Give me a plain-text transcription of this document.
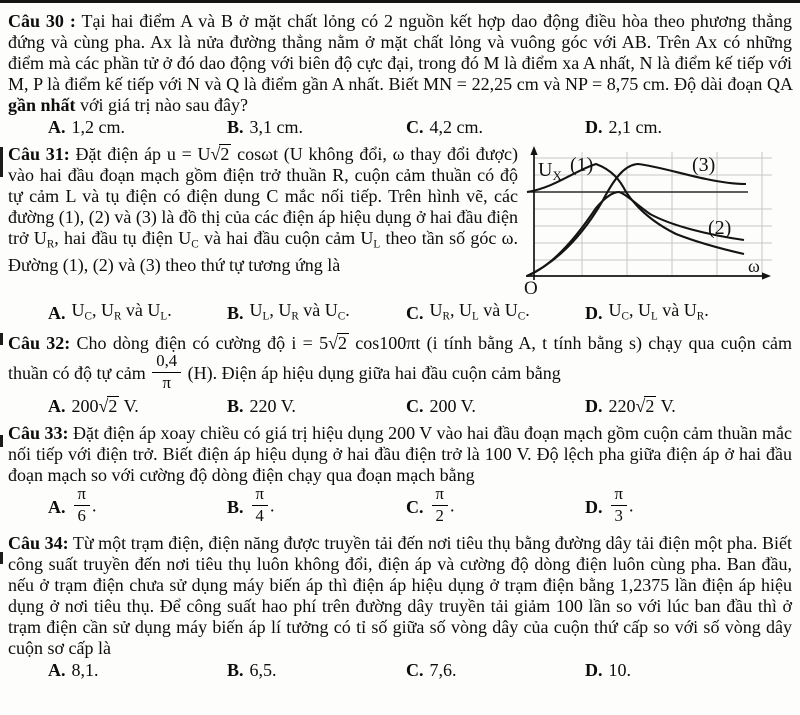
Câu 30 : Tại hai điểm A và B ở mặt chất lỏng có 2 nguồn kết hợp dao động điều hòa theo phương thẳng đứng và cùng pha. Ax là nửa đường thẳng nằm ở mặt chất lỏng và vuông góc với AB. Trên Ax có những điểm mà các phần tử ở đó dao động với biên độ cực đại, trong đó M là điểm xa A nhất, N là điểm kế tiếp với M, P là điểm kế tiếp với N và Q là điểm gần A nhất. Biết MN = 22,25 cm và NP = 8,75 cm. Độ dài đoạn QA gần nhất với giá trị nào sau đây?

A. 1,2 cm.	B. 3,1 cm.	C. 4,2 cm.	D. 2,1 cm.
$U_X$ (1)	(3)
(2)
ω
O

Câu 31: Đặt điện áp u = U√2 cosωt (U không đổi, ω thay đổi được) vào hai đầu đoạn mạch gồm điện trở thuần R, cuộn cảm thuần có độ tự cảm L và tụ điện có điện dung C mắc nối tiếp. Trên hình vẽ, các đường (1), (2) và (3) là đồ thị của các điện áp hiệu dụng ở hai đầu điện trở $U_R$, hai đầu tụ điện $U_C$ và hai đầu cuộn cảm $U_L$ theo tần số góc ω. Đường (1), (2) và (3) theo thứ tự tương ứng là

A. $U_C$, $U_R$ và $U_L$.	B. $U_L$, $U_R$ và $U_C$.	C. $U_R$, $U_L$ và $U_C$.	D. $U_C$, $U_L$ và $U_R$.

Câu 32: Cho dòng điện có cường độ i = 5√2 cos100πt (i tính bằng A, t tính bằng s) chạy qua cuộn cảm thuần có độ tự cảm $\frac{0,4}{\pi} (H)$. Điện áp hiệu dụng giữa hai đầu cuộn cảm bằng

A. 200√2 V.	B. 220 V.	C. 200 V.	D. 220√2 V.

Câu 33: Đặt điện áp xoay chiều có giá trị hiệu dụng 200 V vào hai đầu đoạn mạch gồm cuộn cảm thuần mắc nối tiếp với điện trở. Biết điện áp hiệu dụng ở hai đầu điện trở là 100 V. Độ lệch pha giữa điện áp ở hai đầu đoạn mạch so với cường độ dòng điện chạy qua đoạn mạch bằng

A. $\frac{\pi}{6}$ .	B. $\frac{\pi}{4}$ .	C. $\frac{\pi}{2}$ .	D. $\frac{\pi}{3}$ .

Câu 34: Từ một trạm điện, điện năng được truyền tải đến nơi tiêu thụ bằng đường dây tải điện một pha. Biết công suất truyền đến nơi tiêu thụ luôn không đổi, điện áp và cường độ dòng điện luôn cùng pha. Ban đầu, nếu ở trạm điện chưa sử dụng máy biến áp thì điện áp hiệu dụng ở trạm điện bằng 1,2375 lần điện áp hiệu dụng ở nơi tiêu thụ. Để công suất hao phí trên đường dây truyền tải giảm 100 lần so với lúc ban đầu thì ở trạm điện cần sử dụng máy biến áp lí tưởng có tỉ số giữa số vòng dây của cuộn thứ cấp so với số vòng dây cuộn sơ cấp là

A. 8,1.	B. 6,5.	C. 7,6.	D. 10.
